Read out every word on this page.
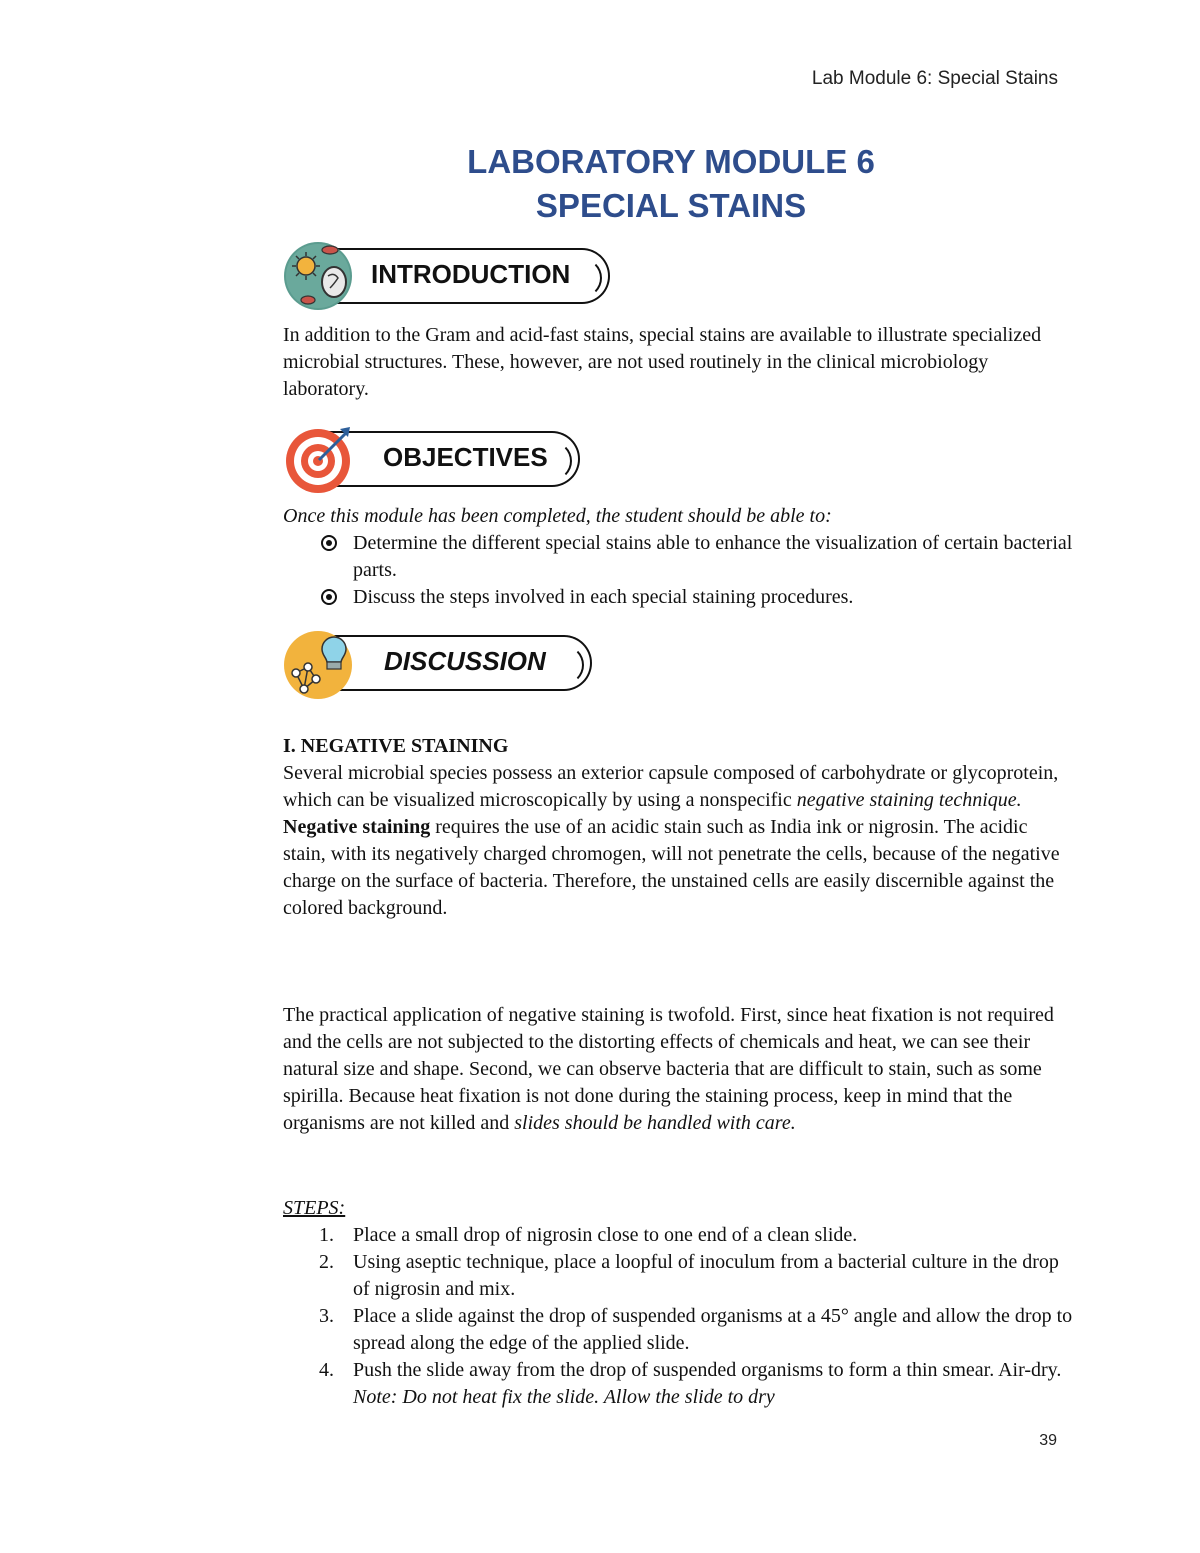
Lab Module 6: Special Stains
LABORATORY MODULE 6
SPECIAL STAINS
INTRODUCTION

In addition to the Gram and acid-fast stains, special stains are available to illustrate specialized microbial structures. These, however, are not used routinely in the clinical microbiology laboratory.

OBJECTIVES

Once this module has been completed, the student should be able to:

Determine the different special stains able to enhance the visualization of certain bacterial parts.
Discuss the steps involved in each special staining procedures.
DISCUSSION

I. NEGATIVE STAINING

Several microbial species possess an exterior capsule composed of carbohydrate or glycoprotein, which can be visualized microscopically by using a nonspecific negative staining technique. Negative staining requires the use of an acidic stain such as India ink or nigrosin. The acidic stain, with its negatively charged chromogen, will not penetrate the cells, because of the negative charge on the surface of bacteria. Therefore, the unstained cells are easily discernible against the colored background.

The practical application of negative staining is twofold. First, since heat fixation is not required and the cells are not subjected to the distorting effects of chemicals and heat, we can see their natural size and shape. Second, we can observe bacteria that are difficult to stain, such as some spirilla. Because heat fixation is not done during the staining process, keep in mind that the organisms are not killed and slides should be handled with care.

STEPS:

1. Place a small drop of nigrosin close to one end of a clean slide.
2. Using aseptic technique, place a loopful of inoculum from a bacterial culture in the drop of nigrosin and mix.
3. Place a slide against the drop of suspended organisms at a 45° angle and allow the drop to spread along the edge of the applied slide.
4. Push the slide away from the drop of suspended organisms to form a thin smear. Air-dry. Note: Do not heat fix the slide. Allow the slide to dry
39
